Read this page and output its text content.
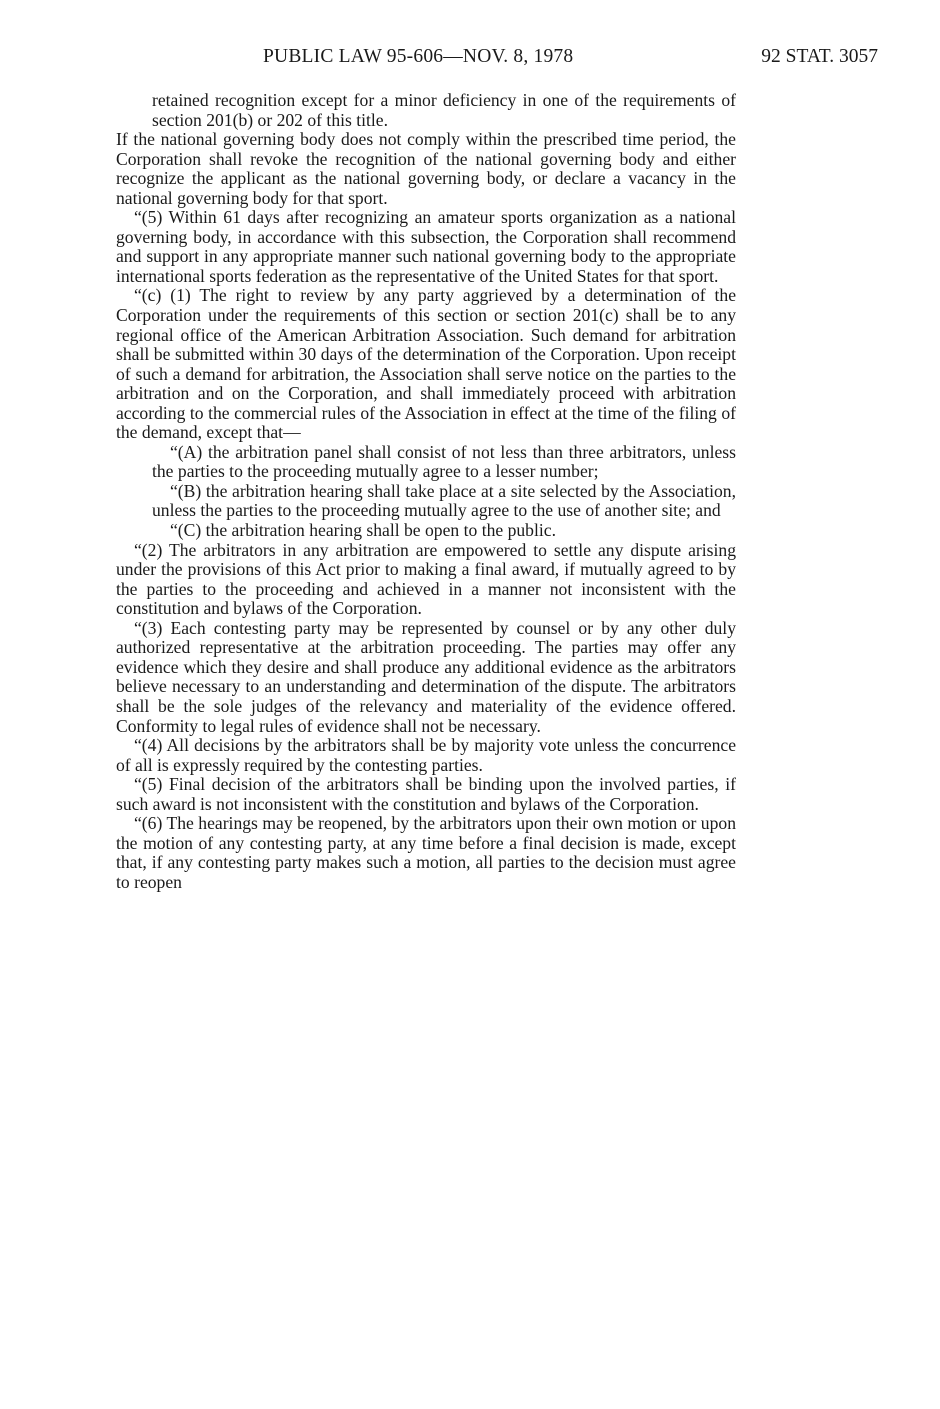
PUBLIC LAW 95-606—NOV. 8, 1978	92 STAT. 3057

retained recognition except for a minor deficiency in one of the requirements of section 201(b) or 202 of this title.

If the national governing body does not comply within the prescribed time period, the Corporation shall revoke the recognition of the national governing body and either recognize the applicant as the national governing body, or declare a vacancy in the national governing body for that sport.

“(5) Within 61 days after recognizing an amateur sports organization as a national governing body, in accordance with this subsection, the Corporation shall recommend and support in any appropriate manner such national governing body to the appropriate international sports federation as the representative of the United States for that sport.

“(c) (1) The right to review by any party aggrieved by a determination of the Corporation under the requirements of this section or section 201(c) shall be to any regional office of the American Arbitration Association. Such demand for arbitration shall be submitted within 30 days of the determination of the Corporation. Upon receipt of such a demand for arbitration, the Association shall serve notice on the parties to the arbitration and on the Corporation, and shall immediately proceed with arbitration according to the commercial rules of the Association in effect at the time of the filing of the demand, except that—

“(A) the arbitration panel shall consist of not less than three arbitrators, unless the parties to the proceeding mutually agree to a lesser number;

“(B) the arbitration hearing shall take place at a site selected by the Association, unless the parties to the proceeding mutually agree to the use of another site; and

“(C) the arbitration hearing shall be open to the public.

“(2) The arbitrators in any arbitration are empowered to settle any dispute arising under the provisions of this Act prior to making a final award, if mutually agreed to by the parties to the proceeding and achieved in a manner not inconsistent with the constitution and bylaws of the Corporation.

“(3) Each contesting party may be represented by counsel or by any other duly authorized representative at the arbitration proceeding. The parties may offer any evidence which they desire and shall produce any additional evidence as the arbitrators believe necessary to an understanding and determination of the dispute. The arbitrators shall be the sole judges of the relevancy and materiality of the evidence offered. Conformity to legal rules of evidence shall not be necessary.

“(4) All decisions by the arbitrators shall be by majority vote unless the concurrence of all is expressly required by the contesting parties.

“(5) Final decision of the arbitrators shall be binding upon the involved parties, if such award is not inconsistent with the constitution and bylaws of the Corporation.

“(6) The hearings may be reopened, by the arbitrators upon their own motion or upon the motion of any contesting party, at any time before a final decision is made, except that, if any contesting party makes such a motion, all parties to the decision must agree to reopen
